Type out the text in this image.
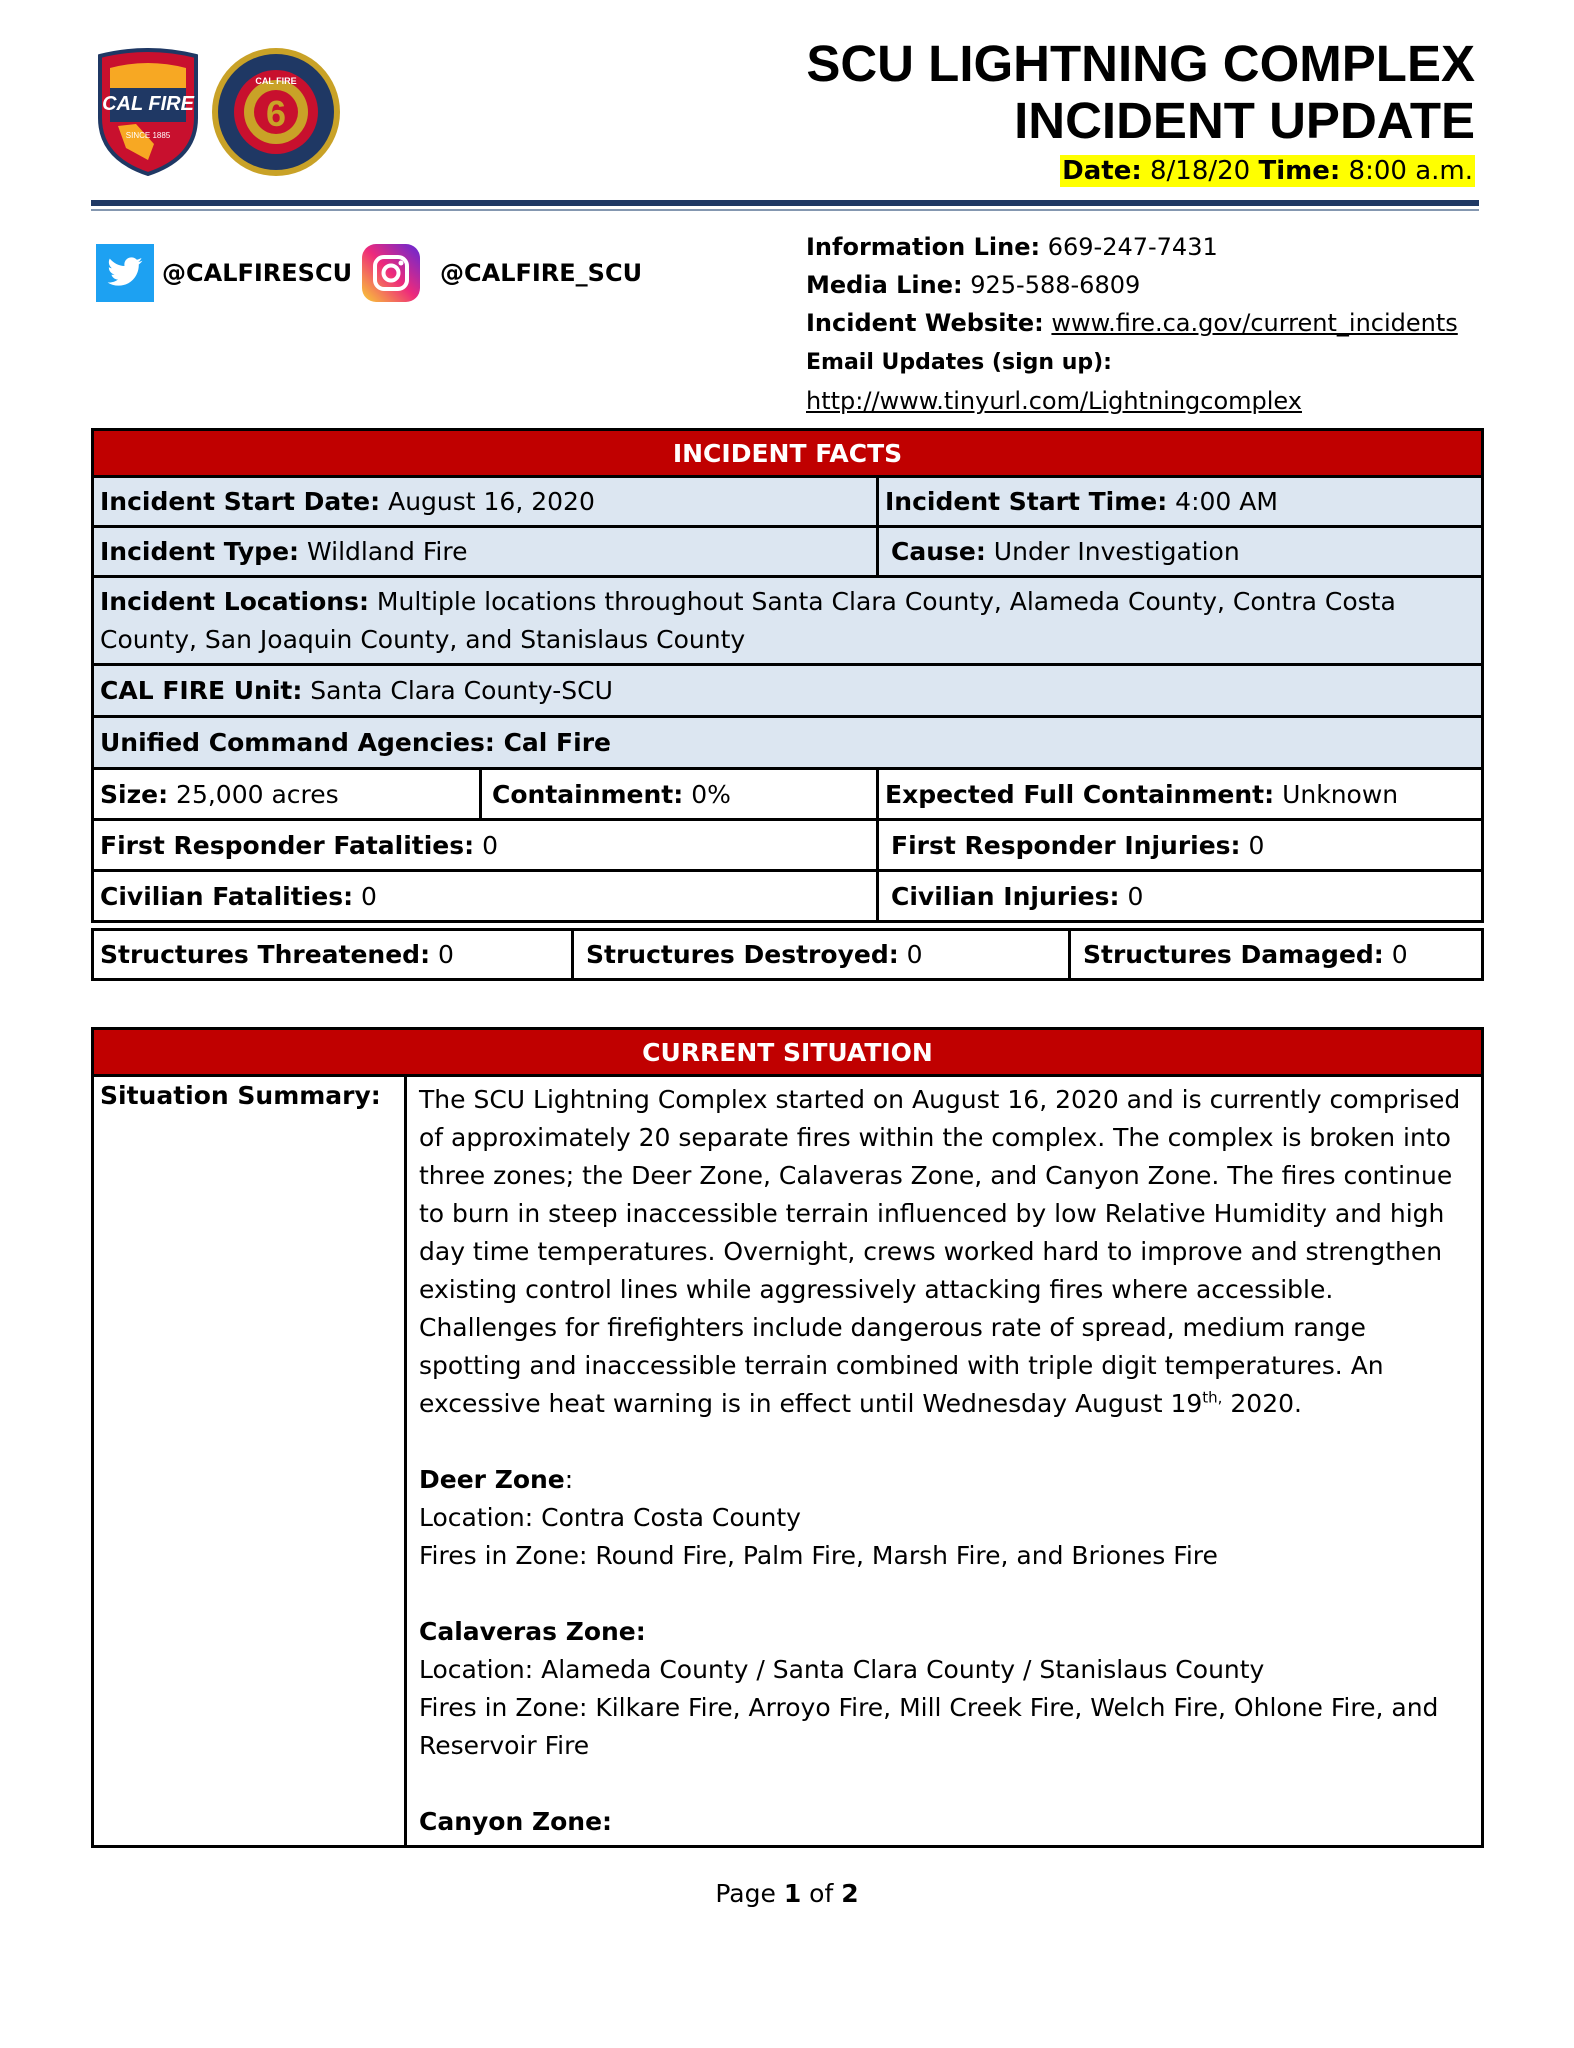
CAL FIRE
SINCE 1885
6
CAL FIRE	SCU LIGHTNING COMPLEX
INCIDENT UPDATE
Date: 8/18/20 Time: 8:00 a.m.
@CALFIRESCU	@CALFIRE_SCU
Information Line: 669-247-7431
Media Line: 925-588-6809
Incident Website: www.fire.ca.gov/current_incidents
Email Updates (sign up):
http://www.tinyurl.com/Lightningcomplex
INCIDENT FACTS		
Incident Start Date: August 16, 2020		Incident Start Time: 4:00 AM
Incident Type: Wildland Fire		Cause: Under Investigation
Incident Locations: Multiple locations throughout Santa Clara County, Alameda County, Contra Costa County, San Joaquin County, and Stanislaus County		
CAL FIRE Unit: Santa Clara County-SCU		
Unified Command Agencies: Cal Fire		
Size: 25,000 acres	Containment: 0%	Expected Full Containment: Unknown
First Responder Fatalities: 0		First Responder Injuries: 0
Civilian Fatalities: 0		Civilian Injuries: 0
Structures Threatened: 0	Structures Destroyed: 0	Structures Damaged: 0
CURRENT SITUATION
Situation Summary:	The SCU Lightning Complex started on August 16, 2020 and is currently comprised of approximately 20 separate fires within the complex. The complex is broken into three zones; the Deer Zone, Calaveras Zone, and Canyon Zone. The fires continue to burn in steep inaccessible terrain influenced by low Relative Humidity and high day time temperatures. Overnight, crews worked hard to improve and strengthen existing control lines while aggressively attacking fires where accessible. Challenges for firefighters include dangerous rate of spread, medium range spotting and inaccessible terrain combined with triple digit temperatures. An excessive heat warning is in effect until Wednesday August $19^{th,}$ 2020.
Deer Zone:
Location: Contra Costa County
Fires in Zone: Round Fire, Palm Fire, Marsh Fire, and Briones Fire
Calaveras Zone:
Location: Alameda County / Santa Clara County / Stanislaus County
Fires in Zone: Kilkare Fire, Arroyo Fire, Mill Creek Fire, Welch Fire, Ohlone Fire, and Reservoir Fire
Canyon Zone:
Page 1 of 2
